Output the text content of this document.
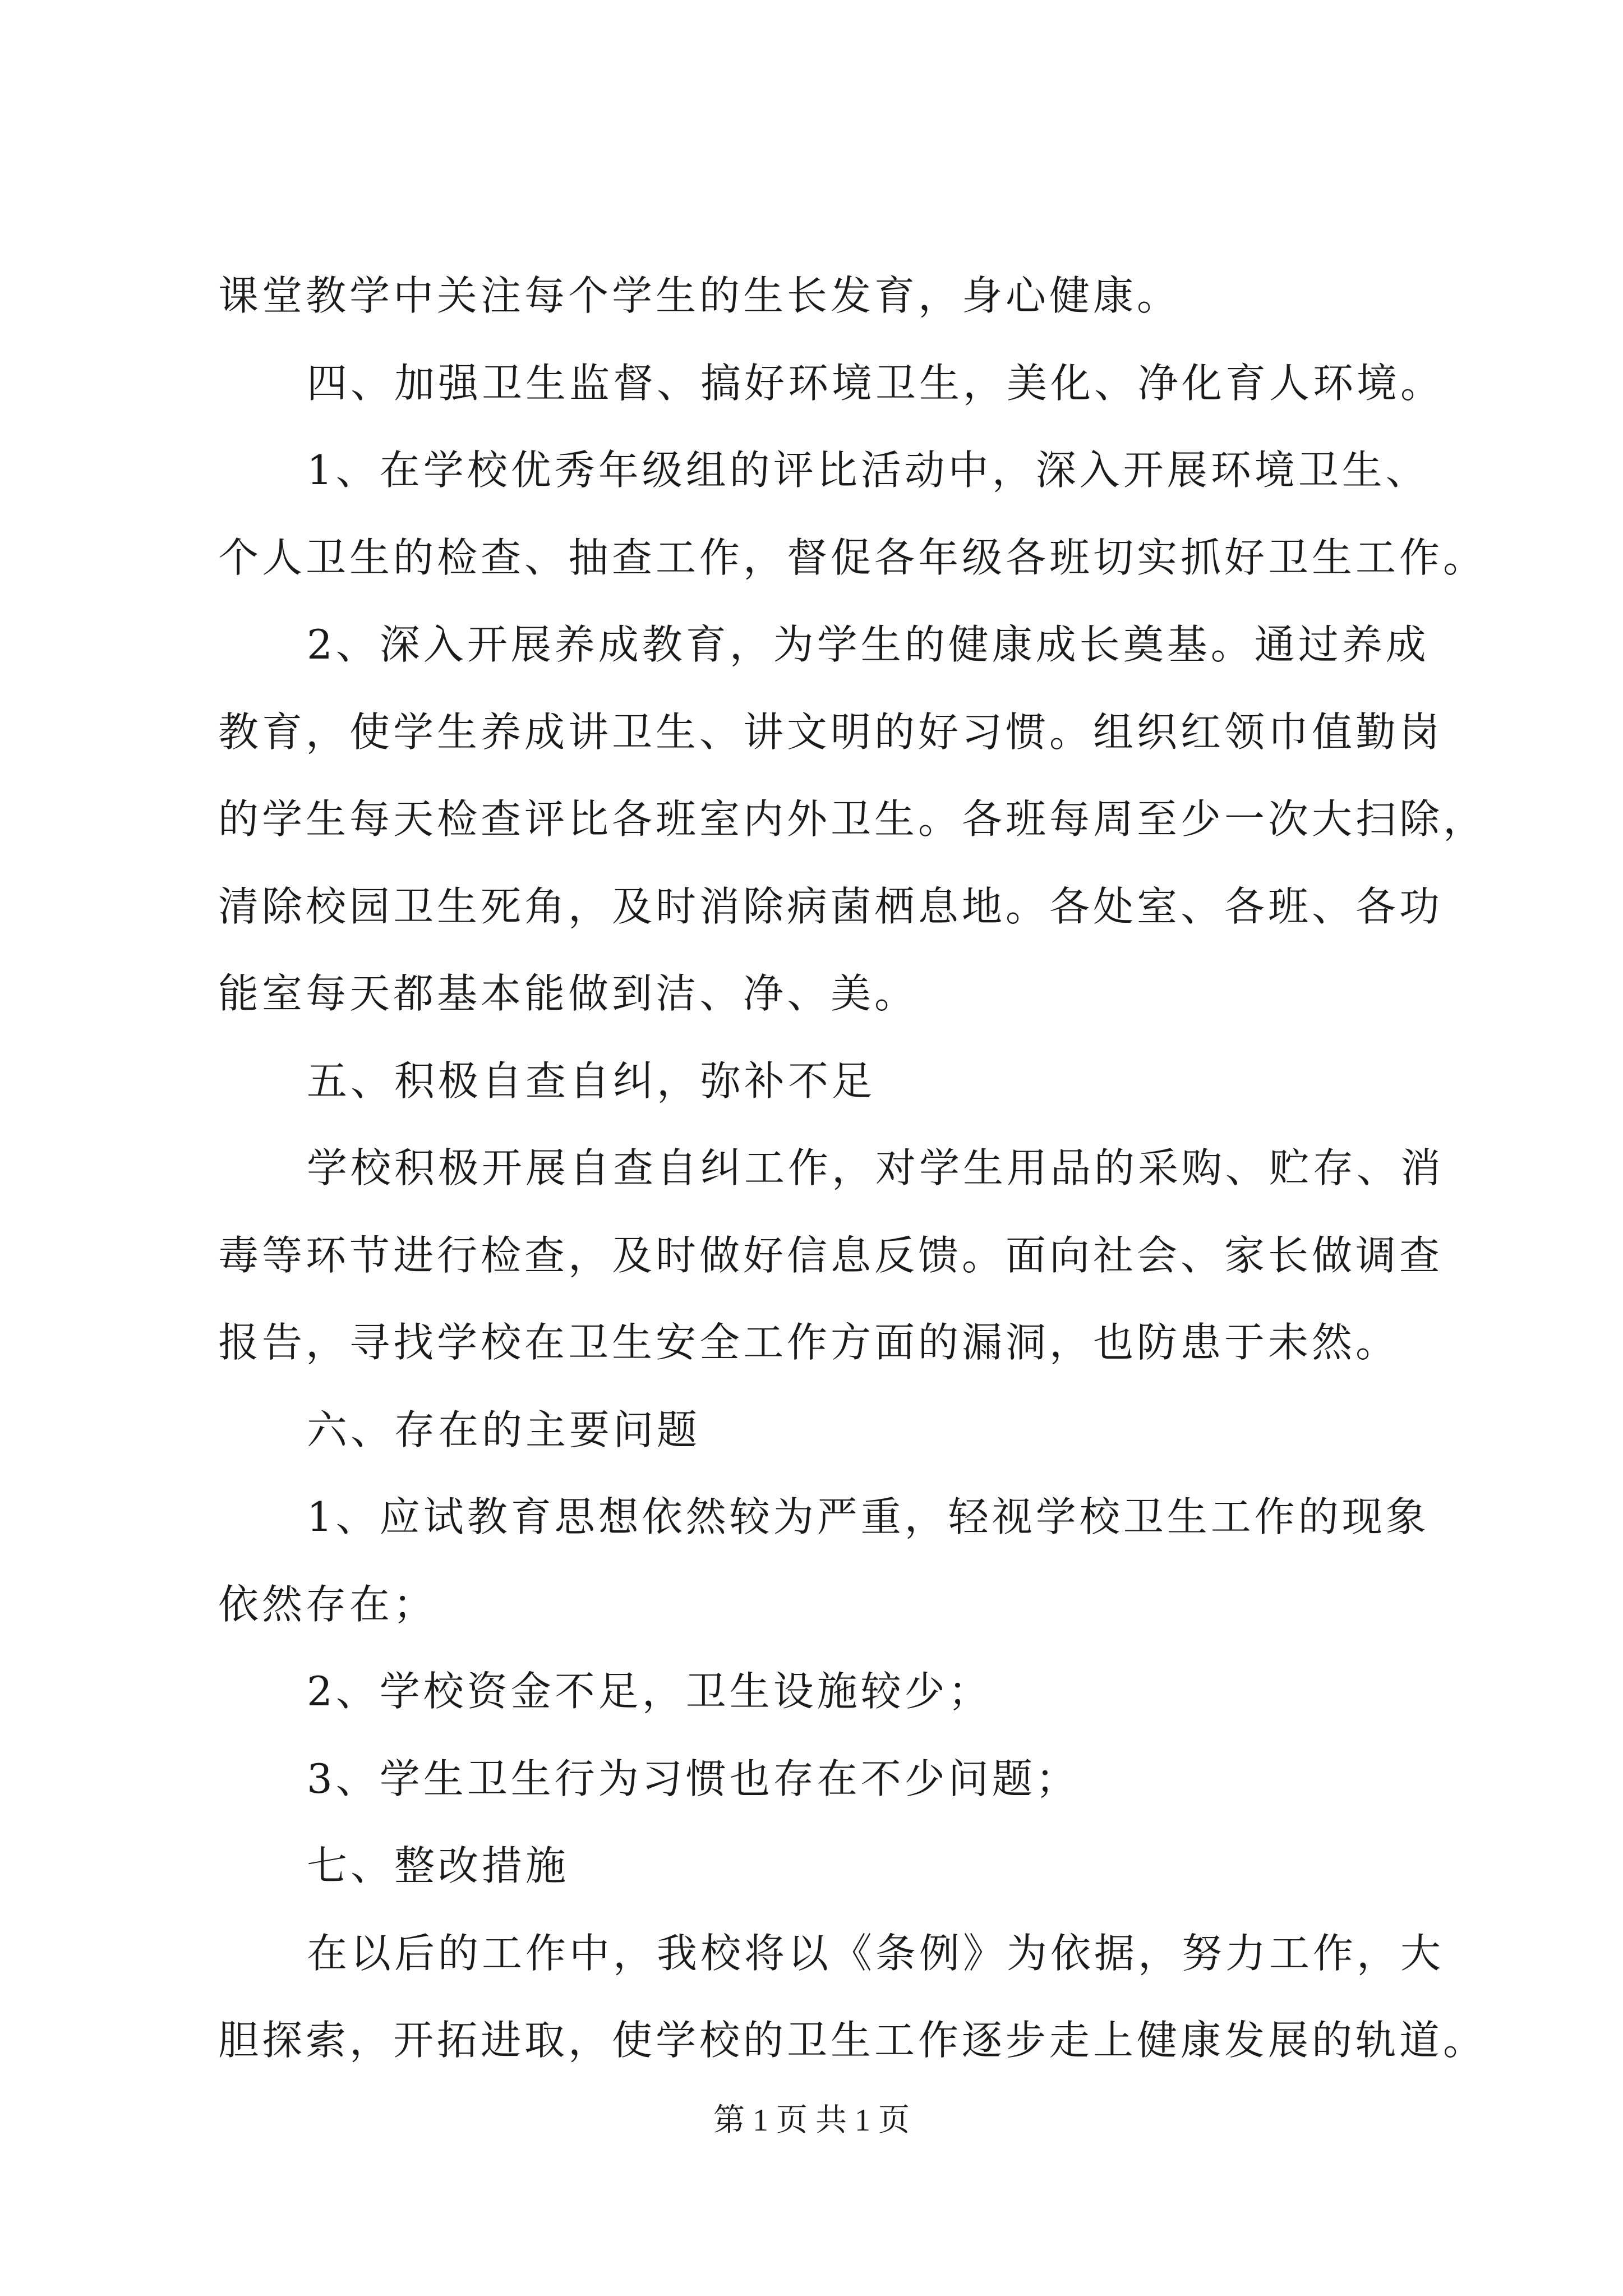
课堂教学中关注每个学生的生长发育，身心健康。
四、加强卫生监督、搞好环境卫生，美化、净化育人环境。
1、在学校优秀年级组的评比活动中，深入开展环境卫生、
个人卫生的检查、抽查工作，督促各年级各班切实抓好卫生工作。
2、深入开展养成教育，为学生的健康成长奠基。通过养成
教育，使学生养成讲卫生、讲文明的好习惯。组织红领巾值勤岗
的学生每天检查评比各班室内外卫生。各班每周至少一次大扫除，
清除校园卫生死角，及时消除病菌栖息地。各处室、各班、各功
能室每天都基本能做到洁、净、美。
五、积极自查自纠，弥补不足
学校积极开展自查自纠工作，对学生用品的采购、贮存、消
毒等环节进行检查，及时做好信息反馈。面向社会、家长做调查
报告，寻找学校在卫生安全工作方面的漏洞，也防患于未然。
六、存在的主要问题
1、应试教育思想依然较为严重，轻视学校卫生工作的现象
依然存在；
2、学校资金不足，卫生设施较少；
3、学生卫生行为习惯也存在不少问题；
七、整改措施
在以后的工作中，我校将以《条例》为依据，努力工作，大
胆探索，开拓进取，使学校的卫生工作逐步走上健康发展的轨道。
第 1 页 共 1 页
